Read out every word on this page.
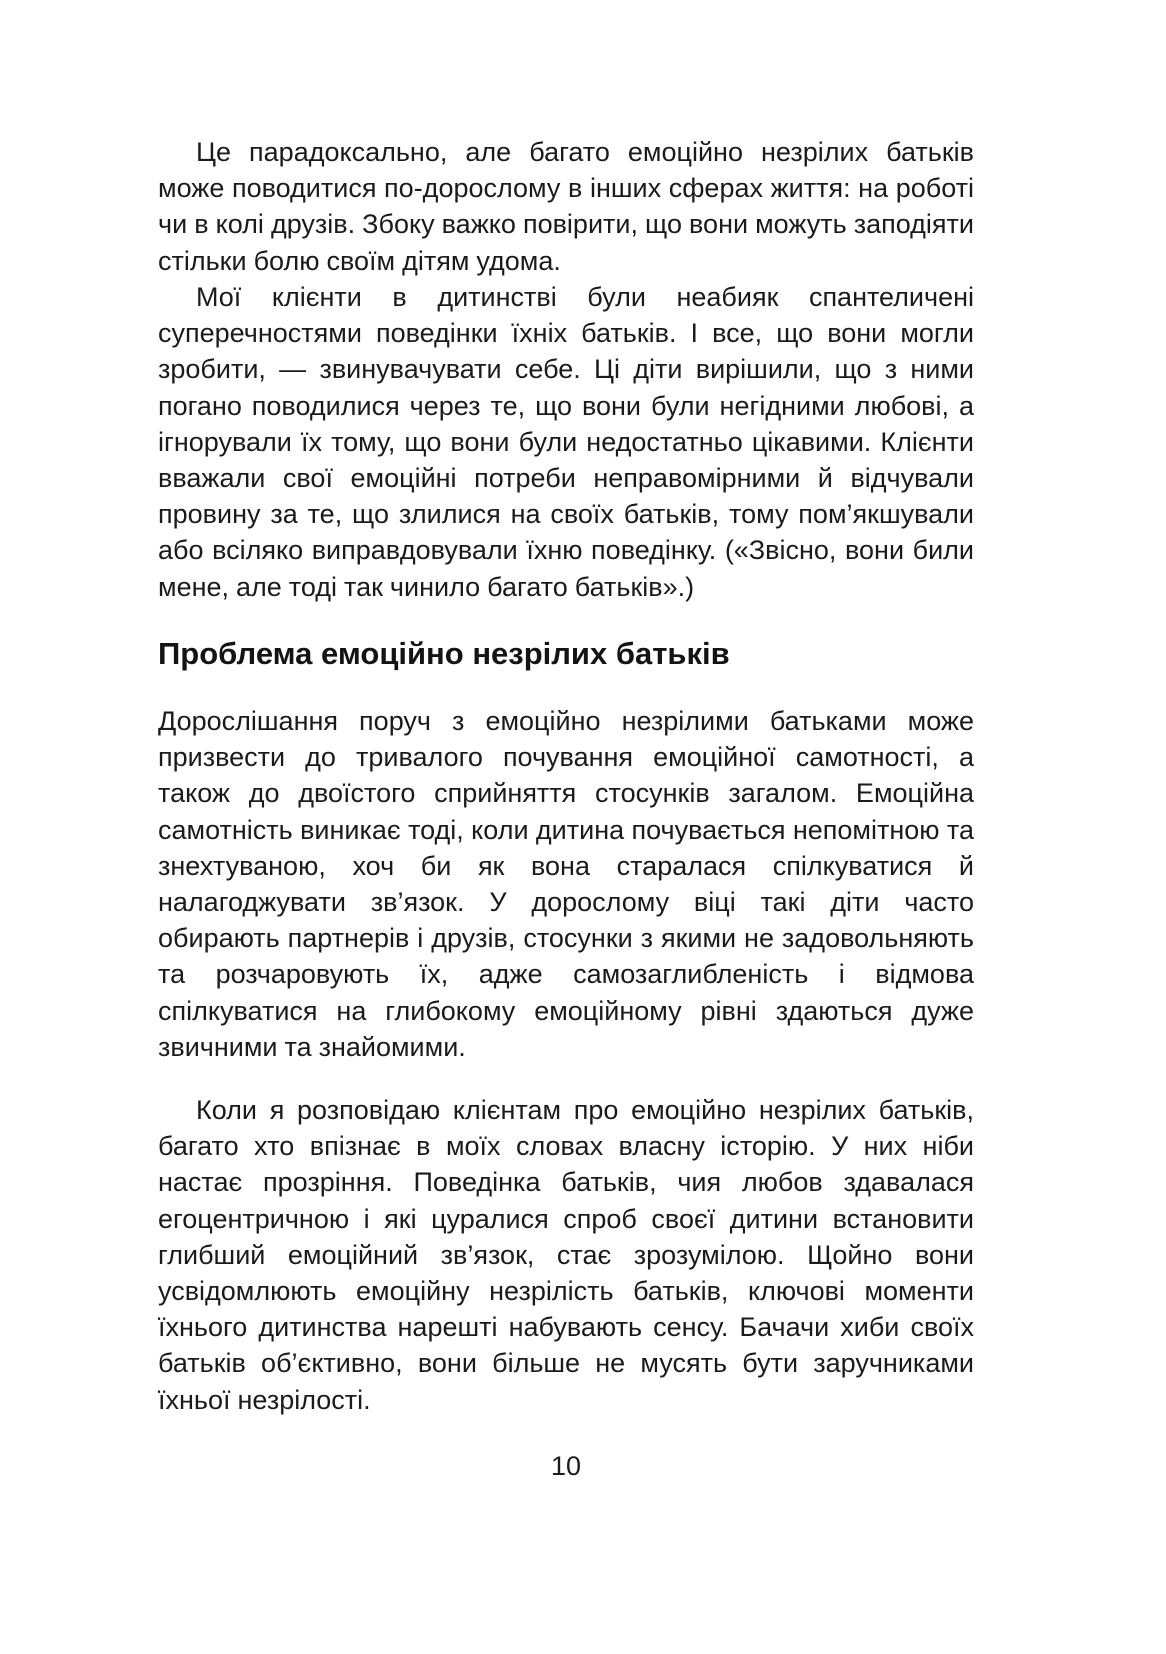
Це парадоксально, але багато емоційно незрілих батьків може поводитися по-дорослому в інших сферах життя: на роботі чи в колі друзів. Збоку важко повірити, що вони можуть заподіяти стільки болю своїм дітям удома.

Мої клієнти в дитинстві були неабияк спантеличені суперечностями поведінки їхніх батьків. І все, що вони могли зробити, — звинувачувати себе. Ці діти вирішили, що з ними погано поводилися через те, що вони були негідними любові, а ігнорували їх тому, що вони були недостатньо цікавими. Клієнти вважали свої емоційні потреби неправомірними й відчували провину за те, що злилися на своїх батьків, тому пом’якшували або всіляко виправдовували їхню поведінку. («Звісно, вони били мене, але тоді так чинило багато батьків».)

Проблема емоційно незрілих батьків

Дорослішання поруч з емоційно незрілими батьками може призвести до тривалого почування емоційної самотності, а також до двоїстого сприйняття стосунків загалом. Емоційна самотність виникає тоді, коли дитина почувається непомітною та знехтуваною, хоч би як вона старалася спілкуватися й налагоджувати зв’язок. У дорослому віці такі діти часто обирають партнерів і друзів, стосунки з якими не задовольняють та розчаровують їх, адже самозаглибленість і відмова спілкуватися на глибокому емоційному рівні здаються дуже звичними та знайомими.

Коли я розповідаю клієнтам про емоційно незрілих батьків, багато хто впізнає в моїх словах власну історію. У них ніби настає прозріння. Поведінка батьків, чия любов здавалася егоцентричною і які цуралися спроб своєї дитини встановити глибший емоційний зв’язок, стає зрозумілою. Щойно вони усвідомлюють емоційну незрілість батьків, ключові моменти їхнього дитинства нарешті набувають сенсу. Бачачи хиби своїх батьків об’єктивно, вони більше не мусять бути заручниками їхньої незрілості.

10
